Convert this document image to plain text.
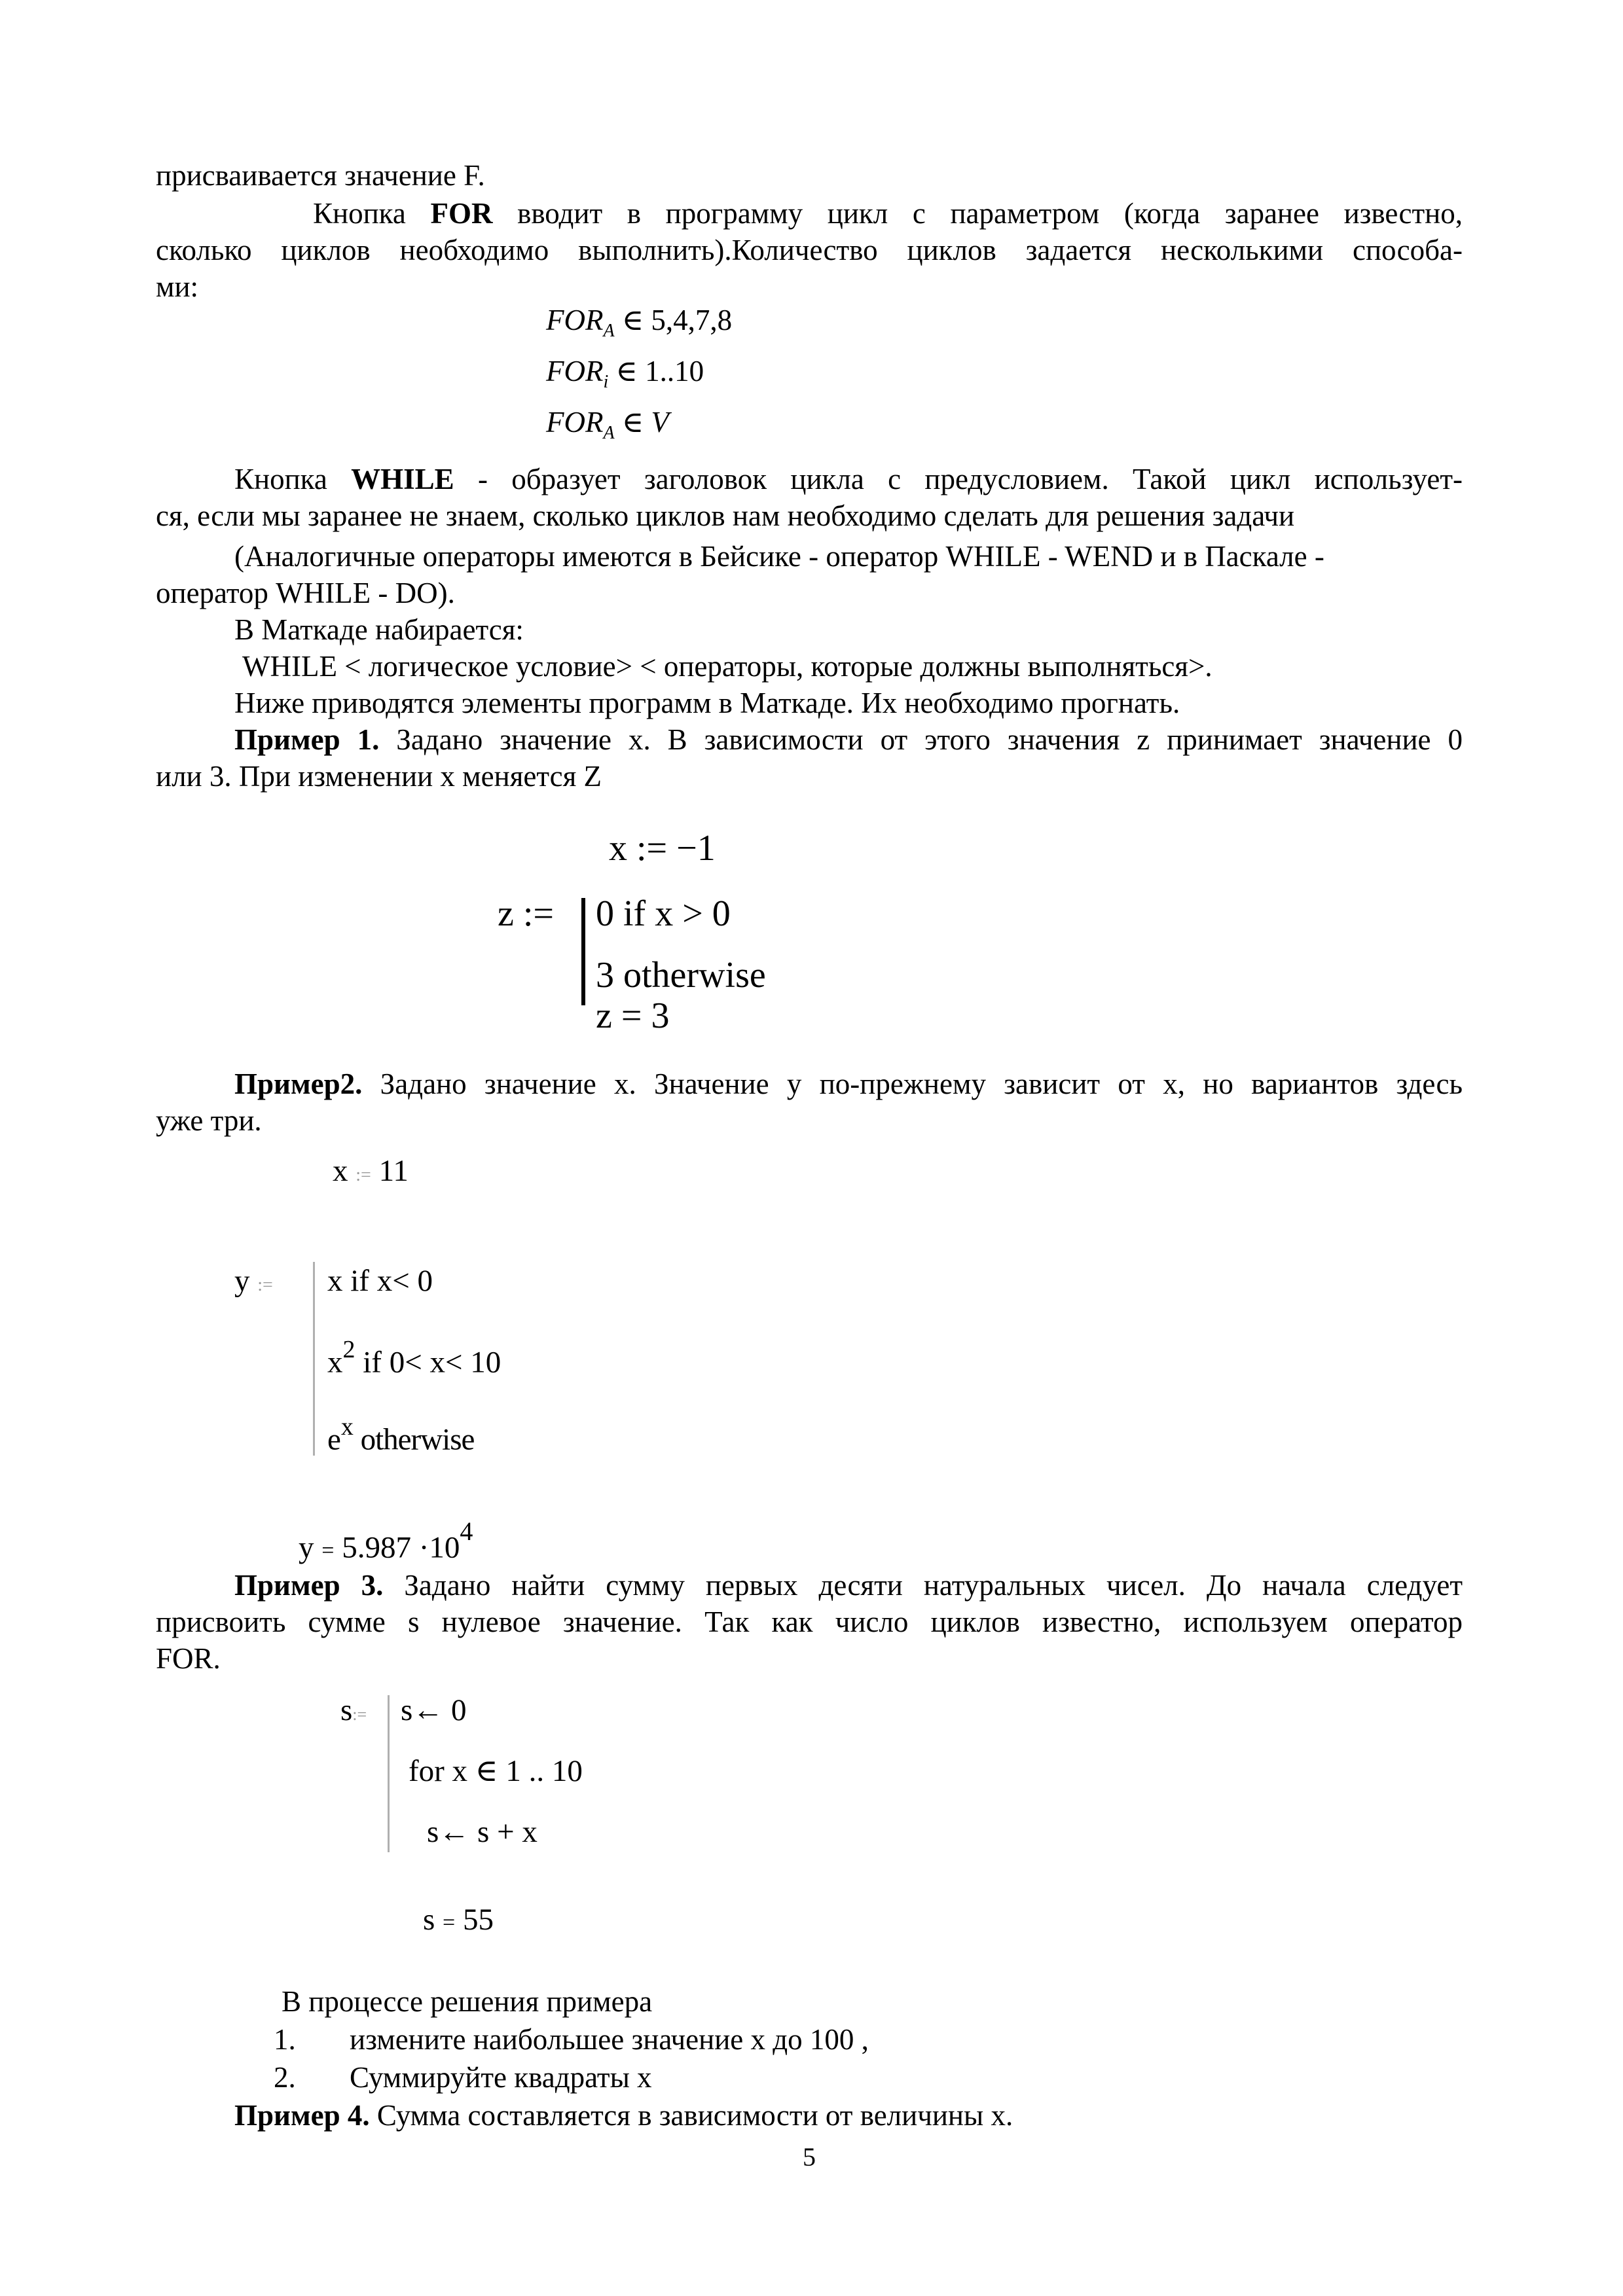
присваивается значение F.
Кнопка FOR вводит в программу цикл с параметром (когда заранее известно,
сколько циклов необходимо выполнить).Количество циклов задается несколькими способа-
ми:
$FOR_A$ ∈ 5,4,7,8
$FOR_i$ ∈ 1..10
$FOR_A$ ∈ V
Кнопка WHILE - образует заголовок цикла с предусловием. Такой цикл использует-
ся, если мы заранее не знаем, сколько циклов нам необходимо сделать для решения задачи
(Аналогичные операторы имеются в Бейсике - оператор WHILE - WEND и в Паскале -
оператор WHILE - DO).
В Маткаде набирается:
WHILE < логическое условие> < операторы, которые должны выполняться>.
Ниже приводятся элементы программ в Маткаде. Их необходимо прогнать.
Пример 1. Задано значение x. В зависимости от этого значения z принимает значение 0
или 3. При изменении x меняется Z
x := −1
z := 0 if x > 0
3 otherwise
z = 3
Пример2. Задано значение x. Значение y по-прежнему зависит от x, но вариантов здесь
уже три.
x := 11
y := x if x< 0
$x^2$ if 0< x< 10
$e^x$ otherwise
$y = 5.987 \cdot 10^4$
Пример 3. Задано найти сумму первых десяти натуральных чисел. До начала следует
присвоить сумме s нулевое значение. Так как число циклов известно, используем оператор
FOR.
s:= s← 0
for x ∈ 1 .. 10
s← s + x
s = 55
В процессе решения примера
1. измените наибольшее значение x до 100 ,
2. Суммируйте квадраты x
Пример 4. Сумма составляется в зависимости от величины x.
5
